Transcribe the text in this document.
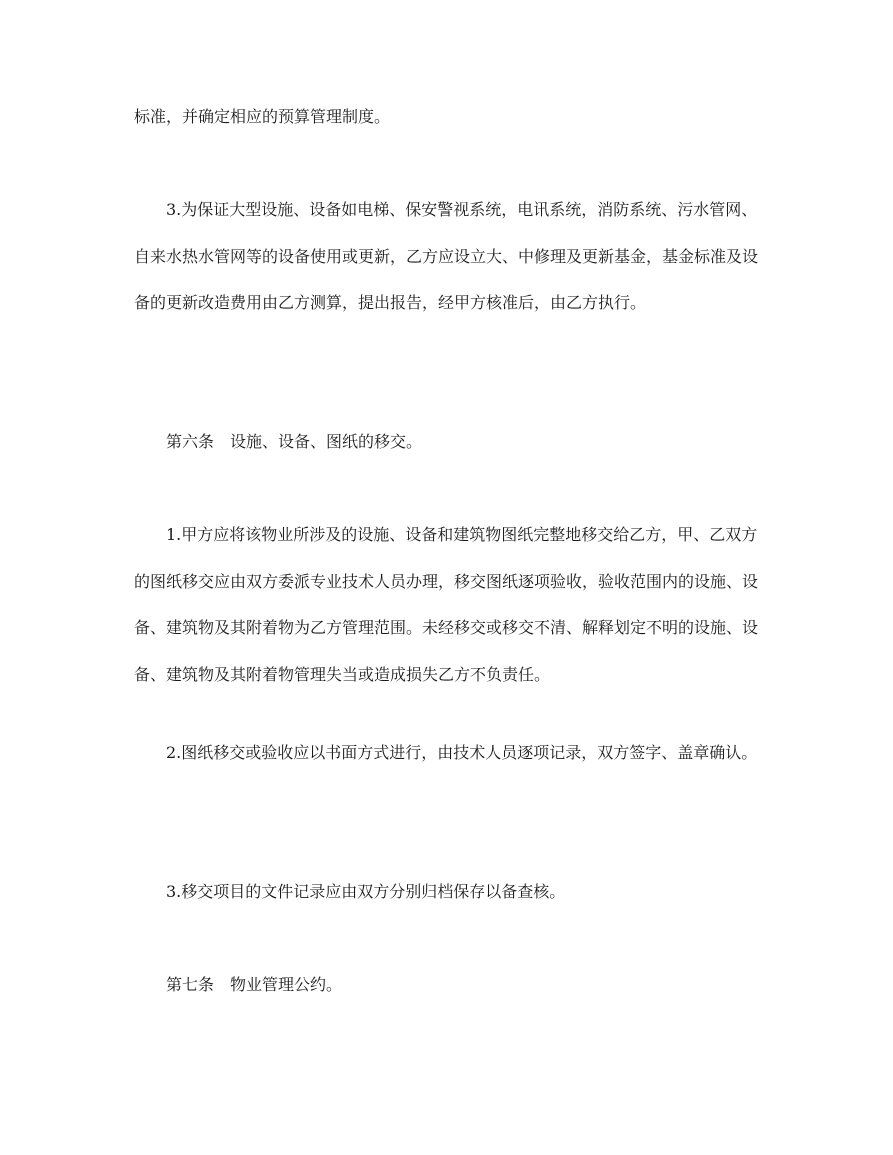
标准，并确定相应的预算管理制度。

3.为保证大型设施、设备如电梯、保安警视系统，电讯系统，消防系统、污水管网、自来水热水管网等的设备使用或更新，乙方应设立大、中修理及更新基金，基金标准及设备的更新改造费用由乙方测算，提出报告，经甲方核准后，由乙方执行。

第六条 设施、设备、图纸的移交。

1.甲方应将该物业所涉及的设施、设备和建筑物图纸完整地移交给乙方，甲、乙双方的图纸移交应由双方委派专业技术人员办理，移交图纸逐项验收，验收范围内的设施、设备、建筑物及其附着物为乙方管理范围。未经移交或移交不清、解释划定不明的设施、设备、建筑物及其附着物管理失当或造成损失乙方不负责任。

2.图纸移交或验收应以书面方式进行，由技术人员逐项记录，双方签字、盖章确认。

3.移交项目的文件记录应由双方分别归档保存以备查核。

第七条 物业管理公约。
